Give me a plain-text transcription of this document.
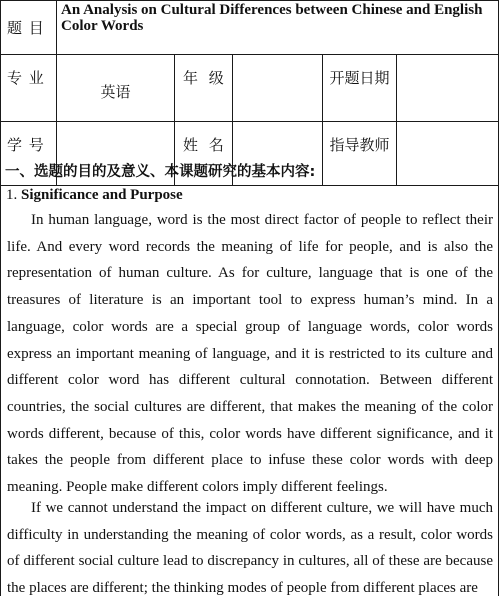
题 目	An Analysis on Cultural Differences between Chinese and English Color Words				
专 业	英语	年 级		开题日期	
学 号		姓 名		指导教师	
一、选题的目的及意义、本课题研究的基本内容:
1. Significance and Purpose

In human language, word is the most direct factor of people to reflect their life. And every word records the meaning of life for people, and is also the representation of human culture. As for culture, language that is one of the treasures of literature is an important tool to express human’s mind. In a language, color words are a special group of language words, color words express an important meaning of language, and it is restricted to its culture and different color word has different cultural connotation. Between different countries, the social cultures are different, that makes the meaning of the color words different, because of this, color words have different significance, and it takes the people from different place to infuse these color words with deep meaning. People make different colors imply different feelings.

If we cannot understand the impact on different culture, we will have much difficulty in understanding the meaning of color words, as a result, color words of different social culture lead to discrepancy in cultures, all of these are because the places are different; the thinking modes of people from different places are
